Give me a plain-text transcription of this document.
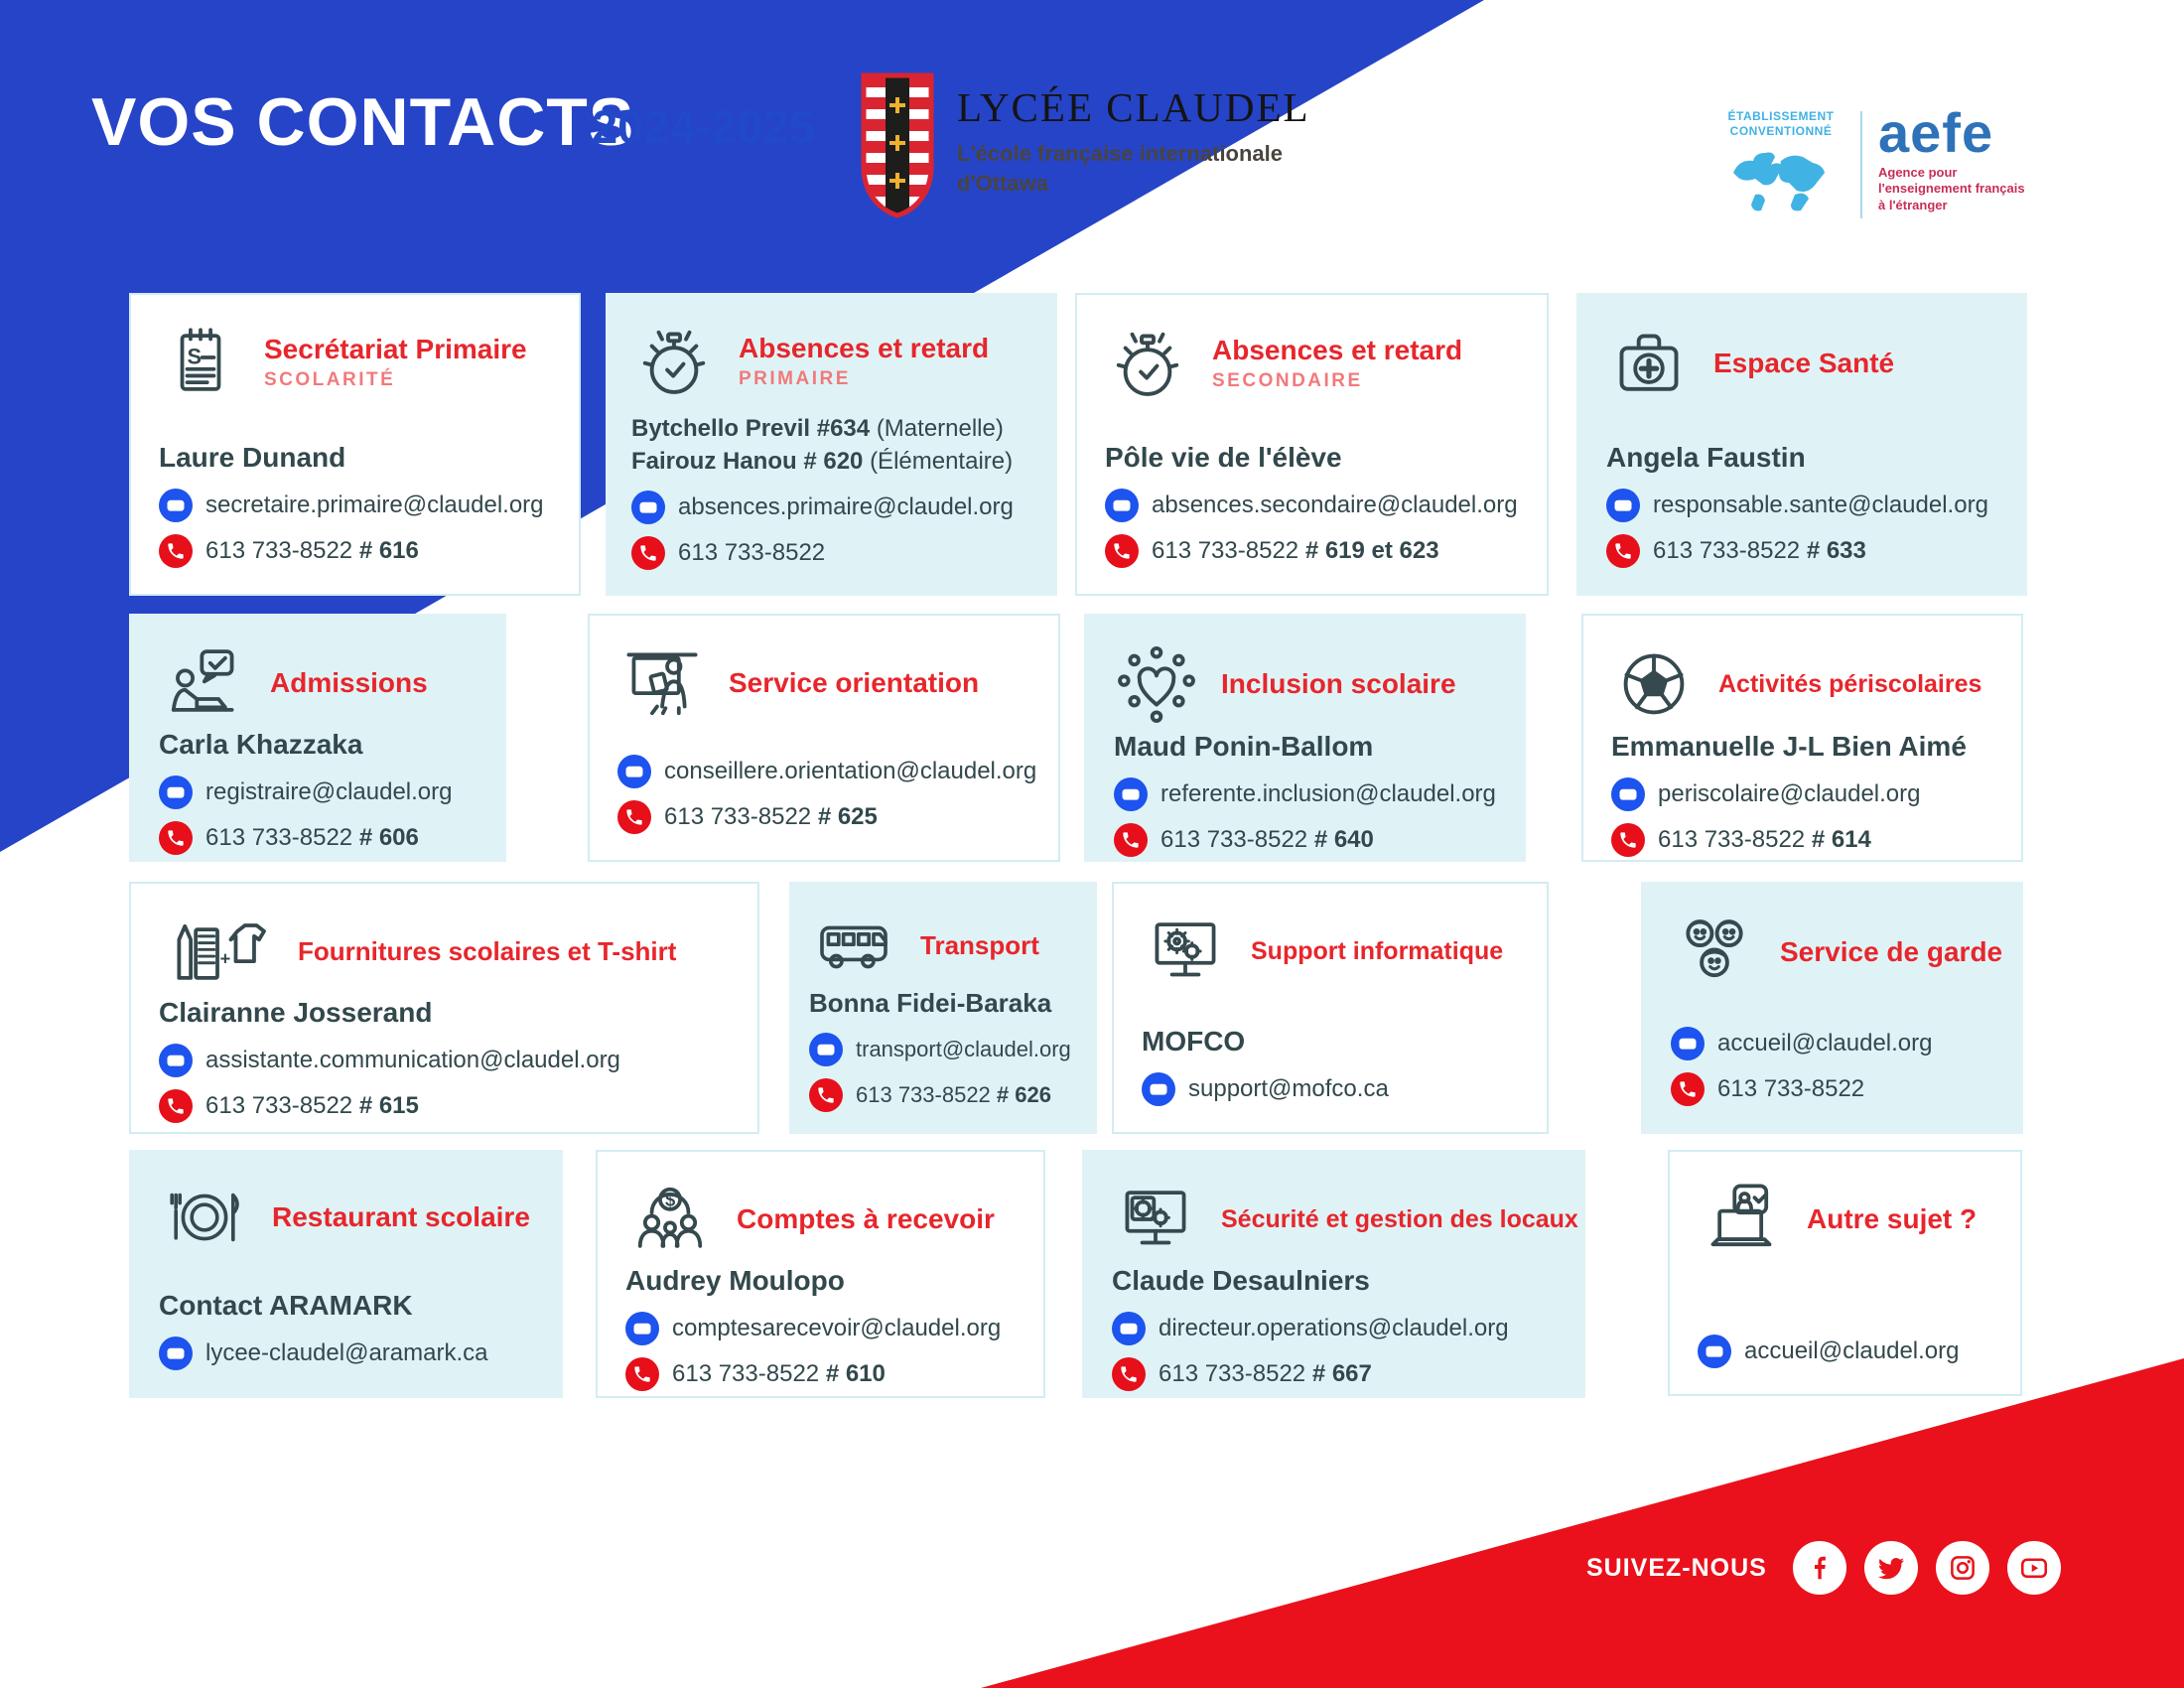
VOS CONTACTS
2024-2025	LYCÉE CLAUDEL
L'école française internationale
d'Ottawa
ÉTABLISSEMENT
CONVENTIONNÉ aefe
Agence pour
l'enseignement français
à l'étranger
S Secrétariat Primaire
SCOLARITÉ
Laure Dunand
secretaire.primaire@claudel.org
613 733-8522 # 616
Absences et retard
PRIMAIRE
Bytchello Previl #634 (Maternelle)
Fairouz Hanou # 620 (Élémentaire)
absences.primaire@claudel.org
613 733-8522
Absences et retard
SECONDAIRE
Pôle vie de l'élève
absences.secondaire@claudel.org
613 733-8522 # 619 et 623
Espace Santé
Angela Faustin
responsable.sante@claudel.org
613 733-8522 # 633
Admissions
Carla Khazzaka
registraire@claudel.org
613 733-8522 # 606
Service orientation
conseillere.orientation@claudel.org
613 733-8522 # 625
Inclusion scolaire
Maud Ponin-Ballom
referente.inclusion@claudel.org
613 733-8522 # 640
Activités périscolaires
Emmanuelle J-L Bien Aimé
periscolaire@claudel.org
613 733-8522 # 614
+	Fournitures scolaires et T-shirt
Clairanne Josserand
assistante.communication@claudel.org
613 733-8522 # 615
Transport
Bonna Fidei-Baraka
transport@claudel.org
613 733-8522 # 626
Support informatique
MOFCO
support@mofco.ca
Service de garde
accueil@claudel.org
613 733-8522
Restaurant scolaire
Contact ARAMARK
lycee-claudel@aramark.ca
$
Comptes à recevoir
Audrey Moulopo
comptesarecevoir@claudel.org
613 733-8522 # 610
Sécurité et gestion des locaux
Claude Desaulniers
directeur.operations@claudel.org
613 733-8522 # 667
Autre sujet ?
accueil@claudel.org
SUIVEZ-NOUS
